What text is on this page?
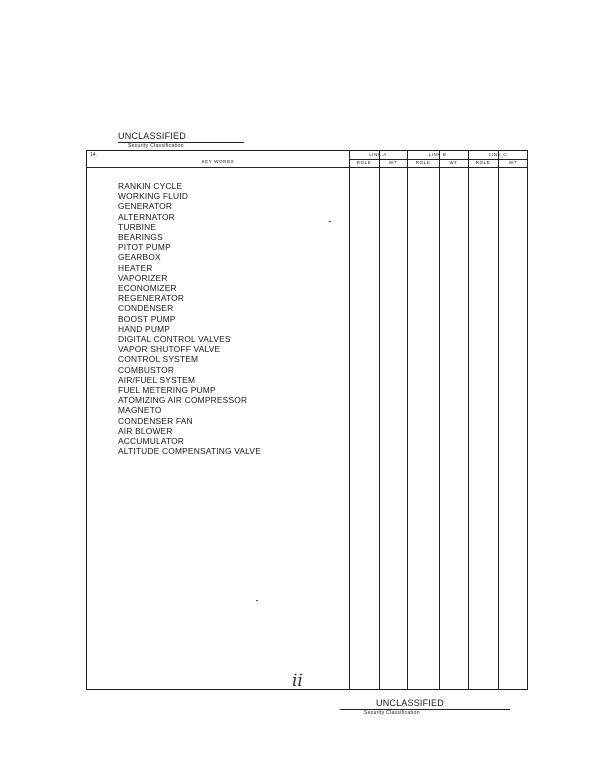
UNCLASSIFIED
Security Classification
14.
KEY WORDS
LINK A	LINK B	LINK C
ROLE	WT	ROLE	WT	ROLE	WT
RANKIN CYCLE
WORKING FLUID
GENERATOR
ALTERNATOR
TURBINE
BEARINGS
PITOT PUMP
GEARBOX
HEATER
VAPORIZER
ECONOMIZER
REGENERATOR
CONDENSER
BOOST PUMP
HAND PUMP
DIGITAL CONTROL VALVES
VAPOR SHUTOFF VALVE
CONTROL SYSTEM
COMBUSTOR
AIR/FUEL SYSTEM
FUEL METERING PUMP
ATOMIZING AIR COMPRESSOR
MAGNETO
CONDENSER FAN
AIR BLOWER
ACCUMULATOR
ALTITUDE COMPENSATING VALVE
ii
UNCLASSIFIED
Security Classification
